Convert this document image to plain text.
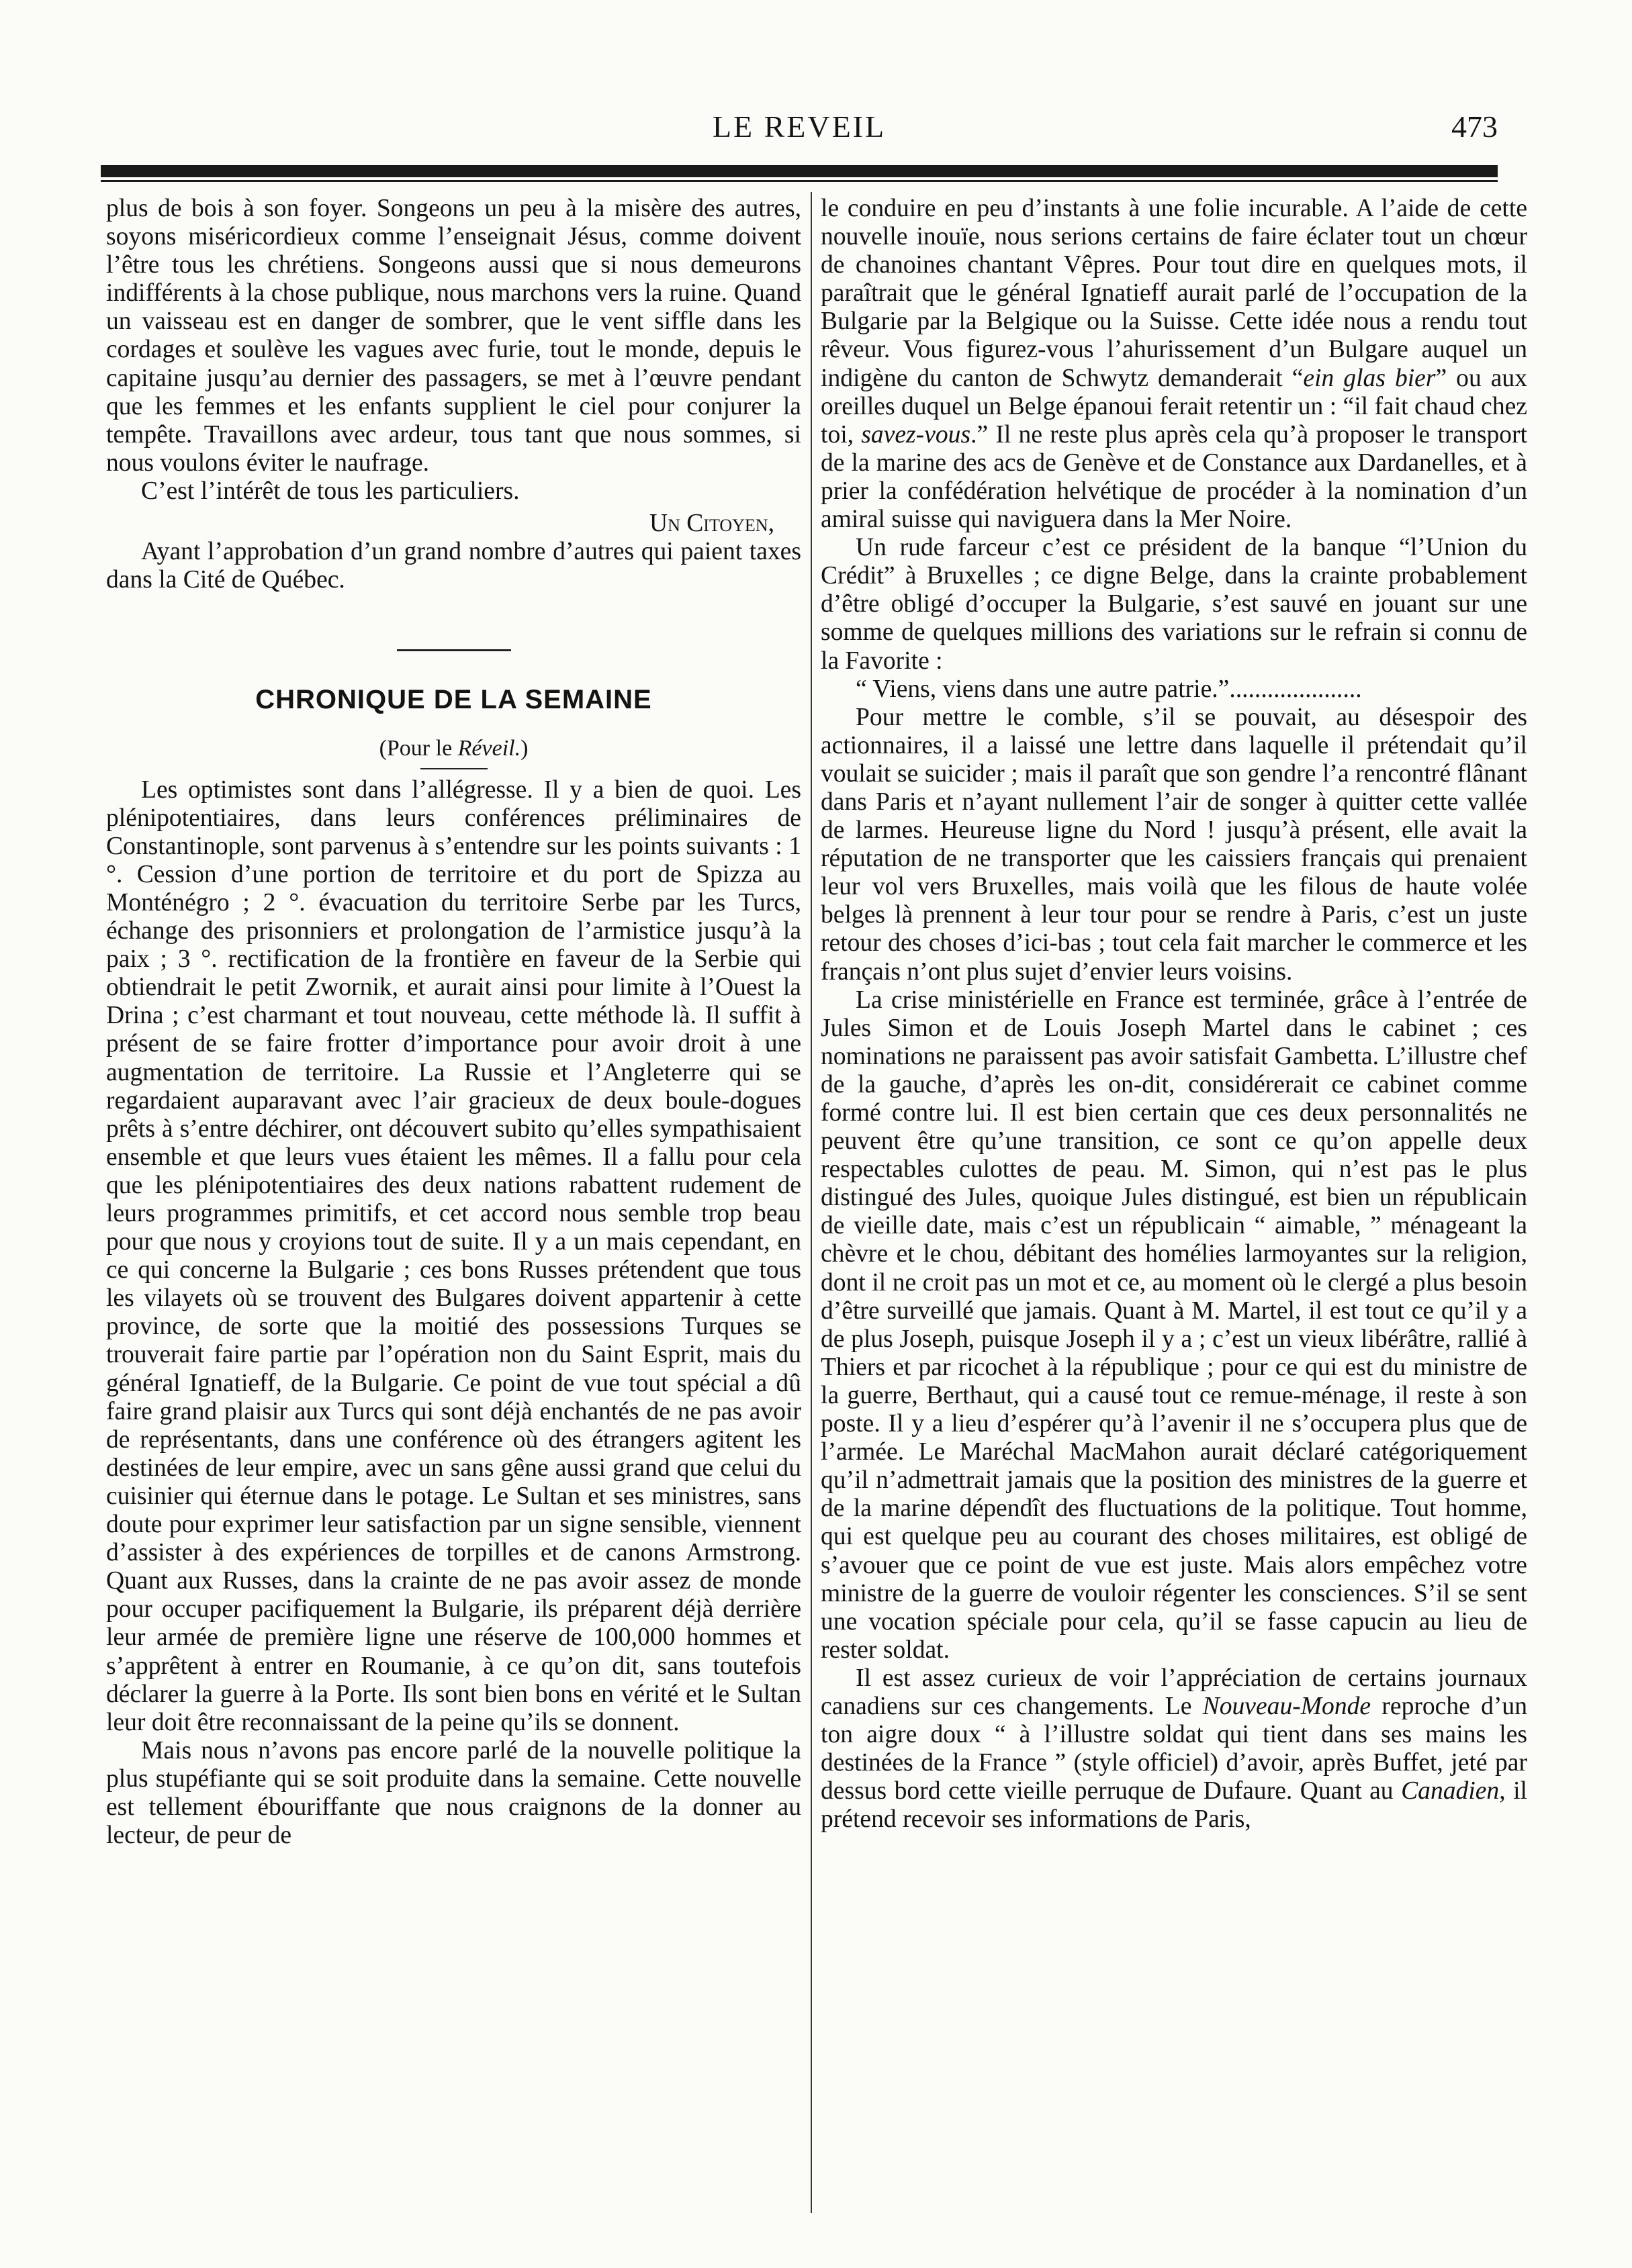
LE REVEIL	473

plus de bois à son foyer. Songeons un peu à la misère des autres, soyons miséricordieux comme l’enseignait Jésus, comme doivent l’être tous les chrétiens. Songeons aussi que si nous demeurons indifférents à la chose publique, nous marchons vers la ruine. Quand un vaisseau est en danger de sombrer, que le vent siffle dans les cordages et soulève les vagues avec furie, tout le monde, depuis le capitaine jusqu’au dernier des passagers, se met à l’œuvre pendant que les femmes et les enfants supplient le ciel pour conjurer la tempête. Travaillons avec ardeur, tous tant que nous sommes, si nous voulons éviter le naufrage.

C’est l’intérêt de tous les particuliers.

Un Citoyen,

Ayant l’approbation d’un grand nombre d’autres qui paient taxes dans la Cité de Québec.

CHRONIQUE DE LA SEMAINE
(Pour le Réveil.)

Les optimistes sont dans l’allégresse. Il y a bien de quoi. Les plénipotentiaires, dans leurs conférences préliminaires de Constantinople, sont parvenus à s’entendre sur les points suivants : 1 °. Cession d’une portion de territoire et du port de Spizza au Monténégro ; 2 °. évacuation du territoire Serbe par les Turcs, échange des prisonniers et prolongation de l’armistice jusqu’à la paix ; 3 °. rectification de la frontière en faveur de la Serbie qui obtiendrait le petit Zwornik, et aurait ainsi pour limite à l’Ouest la Drina ; c’est charmant et tout nouveau, cette méthode là. Il suffit à présent de se faire frotter d’importance pour avoir droit à une augmentation de territoire. La Russie et l’Angleterre qui se regardaient auparavant avec l’air gracieux de deux boule-dogues prêts à s’entre déchirer, ont découvert subito qu’elles sympathisaient ensemble et que leurs vues étaient les mêmes. Il a fallu pour cela que les plénipotentiaires des deux nations rabattent rudement de leurs programmes primitifs, et cet accord nous semble trop beau pour que nous y croyions tout de suite. Il y a un mais cependant, en ce qui concerne la Bulgarie ; ces bons Russes prétendent que tous les vilayets où se trouvent des Bulgares doivent appartenir à cette province, de sorte que la moitié des possessions Turques se trouverait faire partie par l’opération non du Saint Esprit, mais du général Ignatieff, de la Bulgarie. Ce point de vue tout spécial a dû faire grand plaisir aux Turcs qui sont déjà enchantés de ne pas avoir de représentants, dans une conférence où des étrangers agitent les destinées de leur empire, avec un sans gêne aussi grand que celui du cuisinier qui éternue dans le potage. Le Sultan et ses ministres, sans doute pour exprimer leur satisfaction par un signe sensible, viennent d’assister à des expériences de torpilles et de canons Armstrong. Quant aux Russes, dans la crainte de ne pas avoir assez de monde pour occuper pacifiquement la Bulgarie, ils préparent déjà derrière leur armée de première ligne une réserve de 100,000 hommes et s’apprêtent à entrer en Roumanie, à ce qu’on dit, sans toutefois déclarer la guerre à la Porte. Ils sont bien bons en vérité et le Sultan leur doit être reconnaissant de la peine qu’ils se donnent.

Mais nous n’avons pas encore parlé de la nouvelle politique la plus stupéfiante qui se soit produite dans la semaine. Cette nouvelle est tellement ébouriffante que nous craignons de la donner au lecteur, de peur de

le conduire en peu d’instants à une folie incurable. A l’aide de cette nouvelle inouïe, nous serions certains de faire éclater tout un chœur de chanoines chantant Vêpres. Pour tout dire en quelques mots, il paraîtrait que le général Ignatieff aurait parlé de l’occupation de la Bulgarie par la Belgique ou la Suisse. Cette idée nous a rendu tout rêveur. Vous figurez-vous l’ahurissement d’un Bulgare auquel un indigène du canton de Schwytz demanderait “ein glas bier” ou aux oreilles duquel un Belge épanoui ferait retentir un : “il fait chaud chez toi, savez-vous.” Il ne reste plus après cela qu’à proposer le transport de la marine des acs de Genève et de Constance aux Dardanelles, et à prier la confédération helvétique de procéder à la nomination d’un amiral suisse qui naviguera dans la Mer Noire.

Un rude farceur c’est ce président de la banque “l’Union du Crédit” à Bruxelles ; ce digne Belge, dans la crainte probablement d’être obligé d’occuper la Bulgarie, s’est sauvé en jouant sur une somme de quelques millions des variations sur le refrain si connu de la Favorite :

“ Viens, viens dans une autre patrie.”.....................

Pour mettre le comble, s’il se pouvait, au désespoir des actionnaires, il a laissé une lettre dans laquelle il prétendait qu’il voulait se suicider ; mais il paraît que son gendre l’a rencontré flânant dans Paris et n’ayant nullement l’air de songer à quitter cette vallée de larmes. Heureuse ligne du Nord ! jusqu’à présent, elle avait la réputation de ne transporter que les caissiers français qui prenaient leur vol vers Bruxelles, mais voilà que les filous de haute volée belges là prennent à leur tour pour se rendre à Paris, c’est un juste retour des choses d’ici-bas ; tout cela fait marcher le commerce et les français n’ont plus sujet d’envier leurs voisins.

La crise ministérielle en France est terminée, grâce à l’entrée de Jules Simon et de Louis Joseph Martel dans le cabinet ; ces nominations ne paraissent pas avoir satisfait Gambetta. L’illustre chef de la gauche, d’après les on-dit, considérerait ce cabinet comme formé contre lui. Il est bien certain que ces deux personnalités ne peuvent être qu’une transition, ce sont ce qu’on appelle deux respectables culottes de peau. M. Simon, qui n’est pas le plus distingué des Jules, quoique Jules distingué, est bien un républicain de vieille date, mais c’est un républicain “ aimable, ” ménageant la chèvre et le chou, débitant des homélies larmoyantes sur la religion, dont il ne croit pas un mot et ce, au moment où le clergé a plus besoin d’être surveillé que jamais. Quant à M. Martel, il est tout ce qu’il y a de plus Joseph, puisque Joseph il y a ; c’est un vieux libérâtre, rallié à Thiers et par ricochet à la république ; pour ce qui est du ministre de la guerre, Berthaut, qui a causé tout ce remue-ménage, il reste à son poste. Il y a lieu d’espérer qu’à l’avenir il ne s’occupera plus que de l’armée. Le Maréchal MacMahon aurait déclaré catégoriquement qu’il n’admettrait jamais que la position des ministres de la guerre et de la marine dépendît des fluctuations de la politique. Tout homme, qui est quelque peu au courant des choses militaires, est obligé de s’avouer que ce point de vue est juste. Mais alors empêchez votre ministre de la guerre de vouloir régenter les consciences. S’il se sent une vocation spéciale pour cela, qu’il se fasse capucin au lieu de rester soldat.

Il est assez curieux de voir l’appréciation de certains journaux canadiens sur ces changements. Le Nouveau-Monde reproche d’un ton aigre doux “ à l’illustre soldat qui tient dans ses mains les destinées de la France ” (style officiel) d’avoir, après Buffet, jeté par dessus bord cette vieille perruque de Dufaure. Quant au Canadien, il prétend recevoir ses informations de Paris,
